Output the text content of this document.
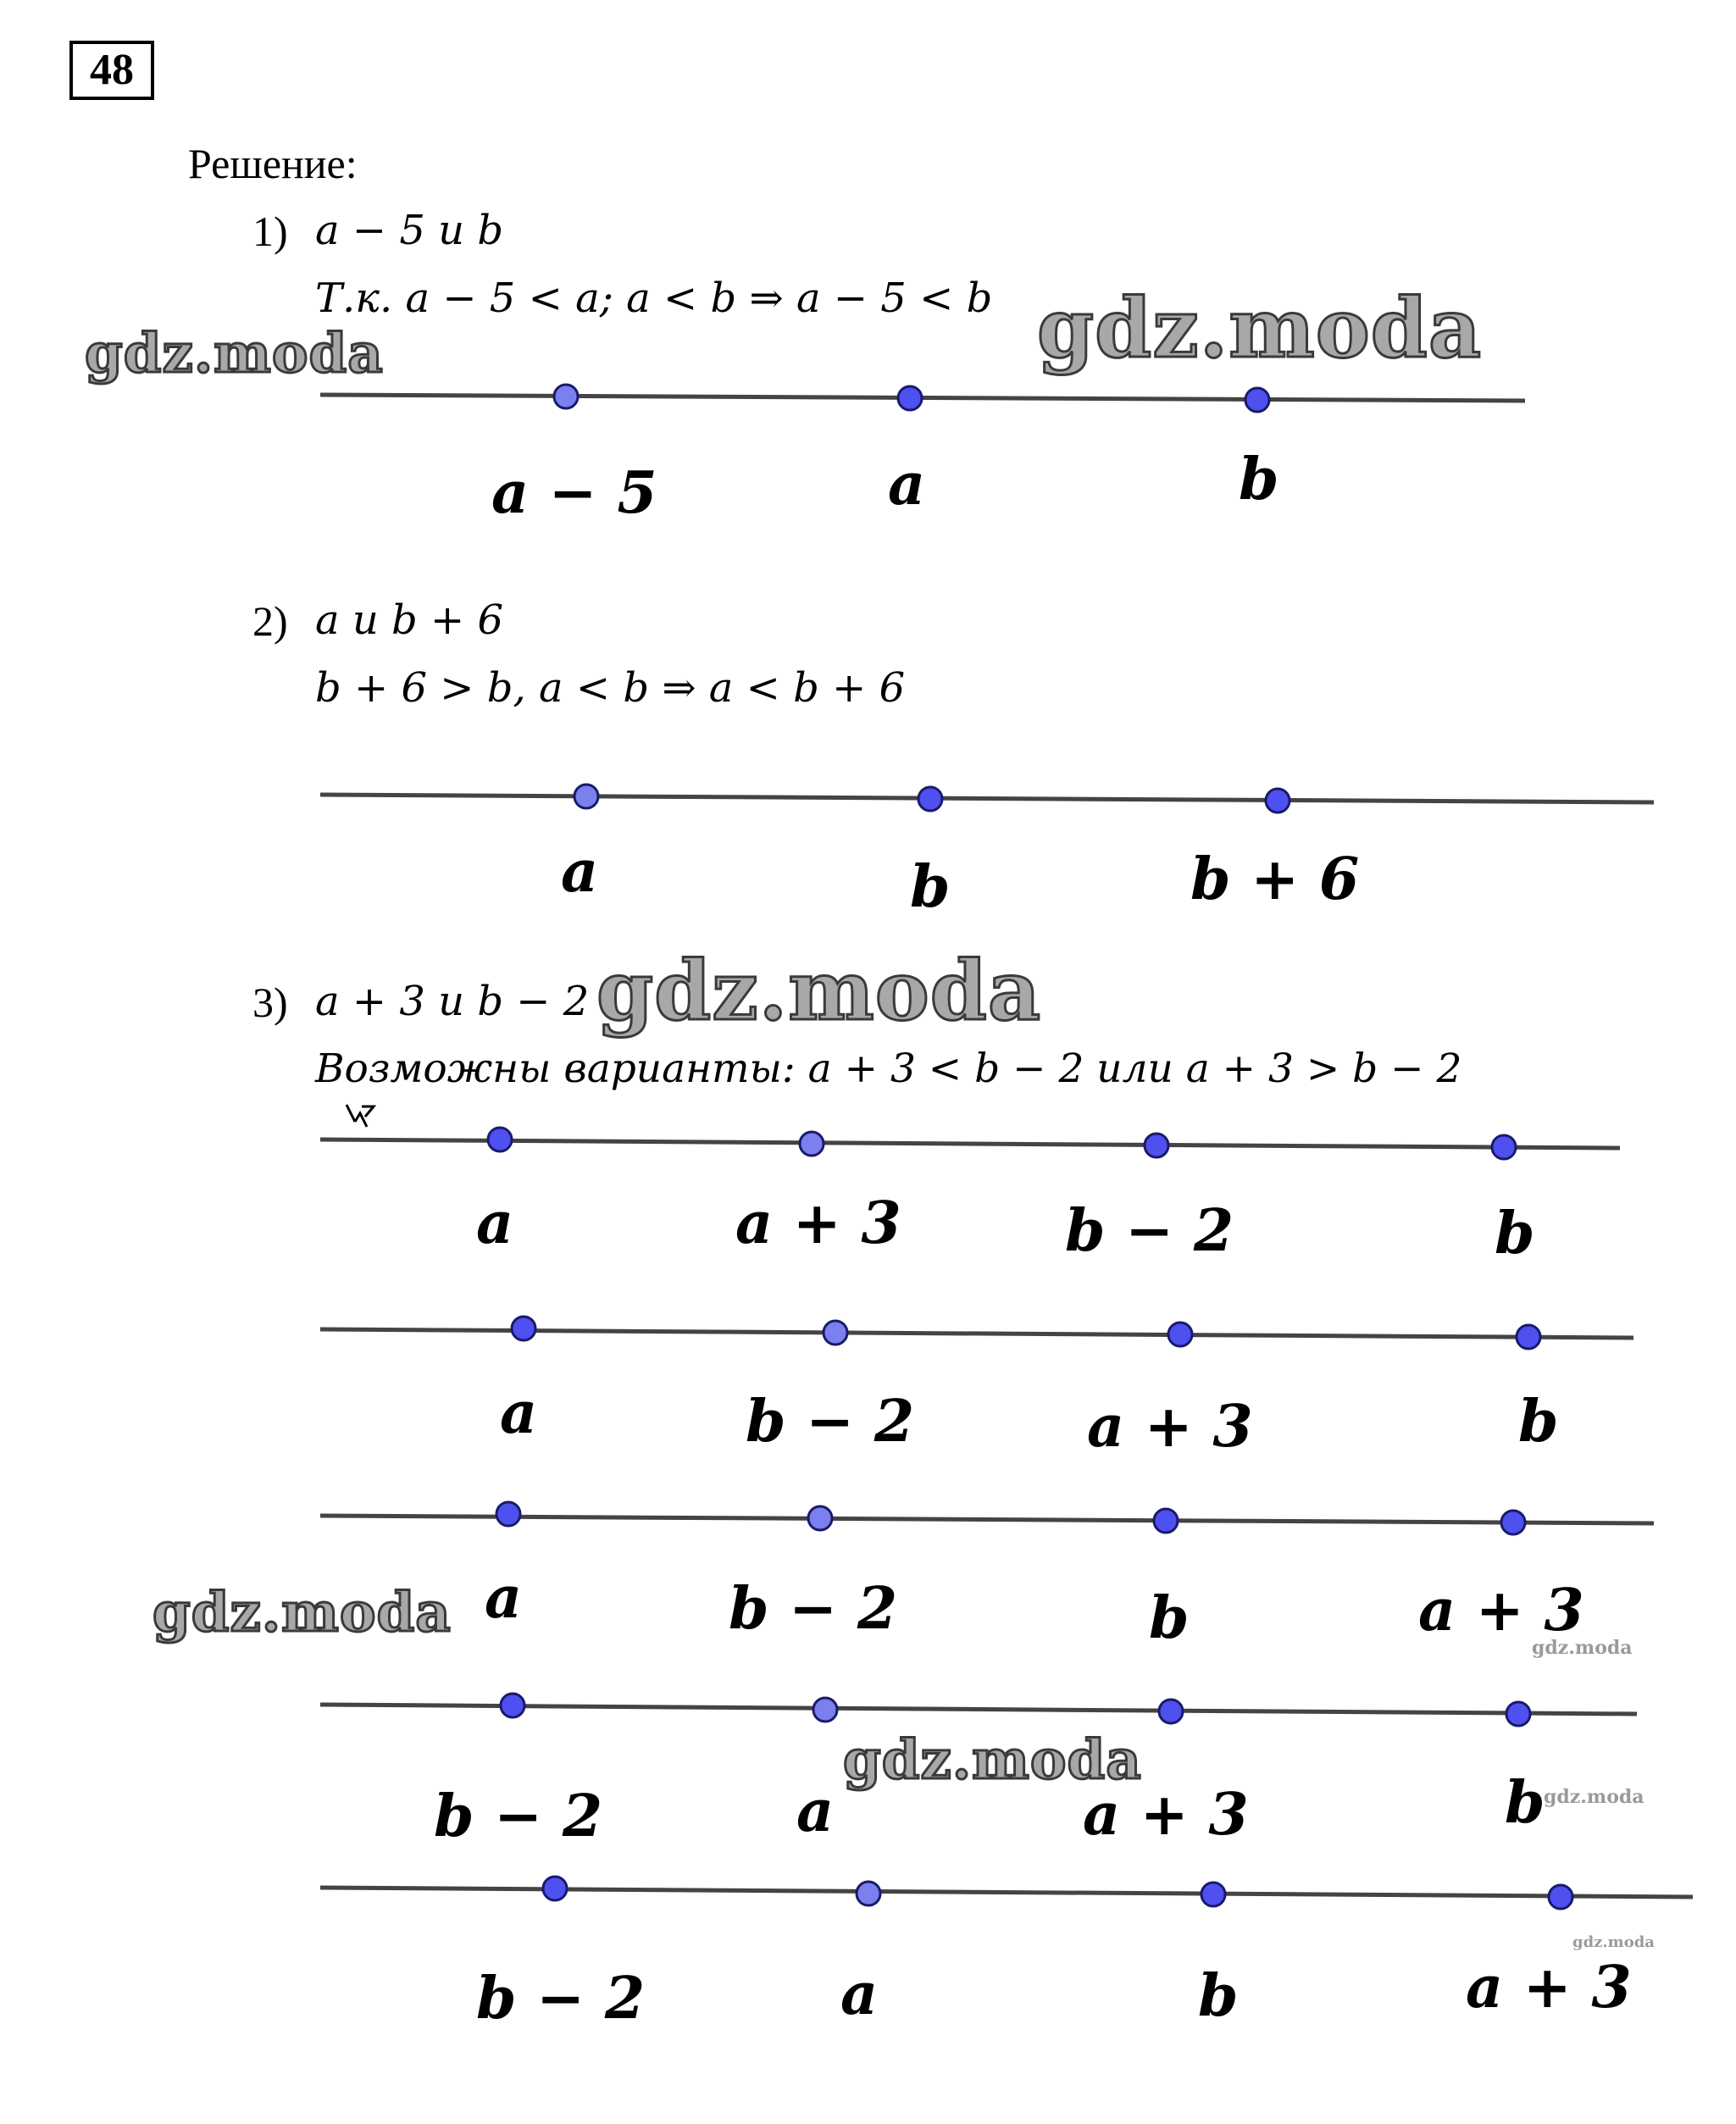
48
Решение:
1) a − 5 и b
Т.к. a − 5 < a; a < b ⇒ a − 5 < b
2) a и b + 6
b + 6 > b, a < b ⇒ a < b + 6
3) a + 3 и b − 2
Возможны варианты: a + 3 < b − 2 или a + 3 > b − 2
a − 5	a	b
a	b	b + 6
a	a + 3	b − 2	b
a	b − 2	a + 3	b
a	b − 2	b	a + 3
b − 2	a	a + 3	b
b − 2	a	b	a + 3
gdz.moda	gdz.moda
gdz.moda
gdz.moda
gdz.moda
gdz.moda
gdz.moda
gdz.moda
